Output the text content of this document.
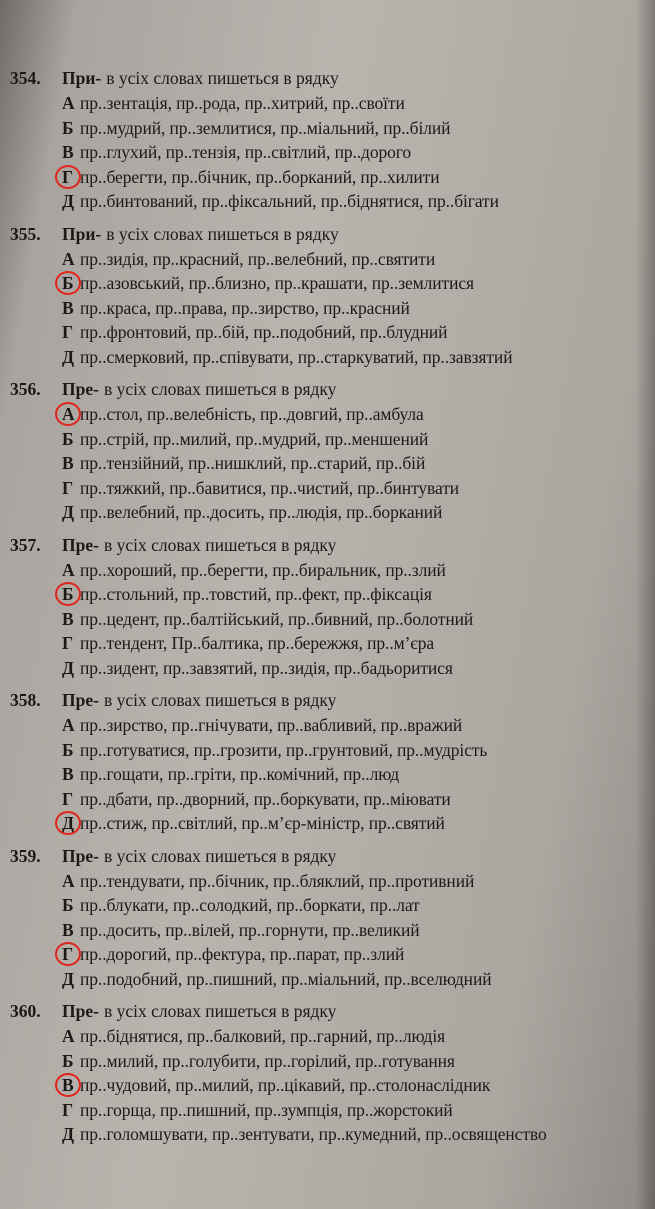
354.	При- в усіх словах пишеться в рядку
А пр..зентація, пр..рода, пр..хитрий, пр..своїти
Б пр..мудрий, пр..землитися, пр..міальний, пр..білий
В пр..глухий, пр..тензія, пр..світлий, пр..дорого
Г пр..берегти, пр..бічник, пр..борканий, пр..хилити
Д пр..бинтований, пр..фіксальний, пр..біднятися, пр..бігати
355.	При- в усіх словах пишеться в рядку
А пр..зидія, пр..красний, пр..велебний, пр..святити
Б пр..азовський, пр..близно, пр..крашати, пр..землитися
В пр..краса, пр..права, пр..зирство, пр..красний
Г пр..фронтовий, пр..бій, пр..подобний, пр..блудний
Д пр..смерковий, пр..співувати, пр..старкуватий, пр..завзятий
356.	Пре- в усіх словах пишеться в рядку
А пр..стол, пр..велебність, пр..довгий, пр..амбула
Б пр..стрій, пр..милий, пр..мудрий, пр..меншений
В пр..тензійний, пр..нишклий, пр..старий, пр..бій
Г пр..тяжкий, пр..бавитися, пр..чистий, пр..бинтувати
Д пр..велебний, пр..досить, пр..людія, пр..борканий
357.	Пре- в усіх словах пишеться в рядку
А пр..хороший, пр..берегти, пр..биральник, пр..злий
Б пр..стольний, пр..товстий, пр..фект, пр..фіксація
В пр..цедент, пр..балтійський, пр..бивний, пр..болотний
Г пр..тендент, Пр..балтика, пр..бережжя, пр..м’єра
Д пр..зидент, пр..завзятий, пр..зидія, пр..бадьоритися
358.	Пре- в усіх словах пишеться в рядку
А пр..зирство, пр..гнічувати, пр..вабливий, пр..вражий
Б пр..готуватися, пр..грозити, пр..грунтовий, пр..мудрість
В пр..гощати, пр..гріти, пр..комічний, пр..люд
Г пр..дбати, пр..дворний, пр..боркувати, пр..міювати
Д пр..стиж, пр..світлий, пр..м’єр-міністр, пр..святий
359.	Пре- в усіх словах пишеться в рядку
А пр..тендувати, пр..бічник, пр..бляклий, пр..противний
Б пр..блукати, пр..солодкий, пр..боркати, пр..лат
В пр..досить, пр..вілей, пр..горнути, пр..великий
Г пр..дорогий, пр..фектура, пр..парат, пр..злий
Д пр..подобний, пр..пишний, пр..міальний, пр..вселюдний
360.	Пре- в усіх словах пишеться в рядку
А пр..біднятися, пр..балковий, пр..гарний, пр..людія
Б пр..милий, пр..голубити, пр..горілий, пр..готування
В пр..чудовий, пр..милий, пр..цікавий, пр..столонаслідник
Г пр..горща, пр..пишний, пр..зумпція, пр..жорстокий
Д пр..голомшувати, пр..зентувати, пр..кумедний, пр..освященство
